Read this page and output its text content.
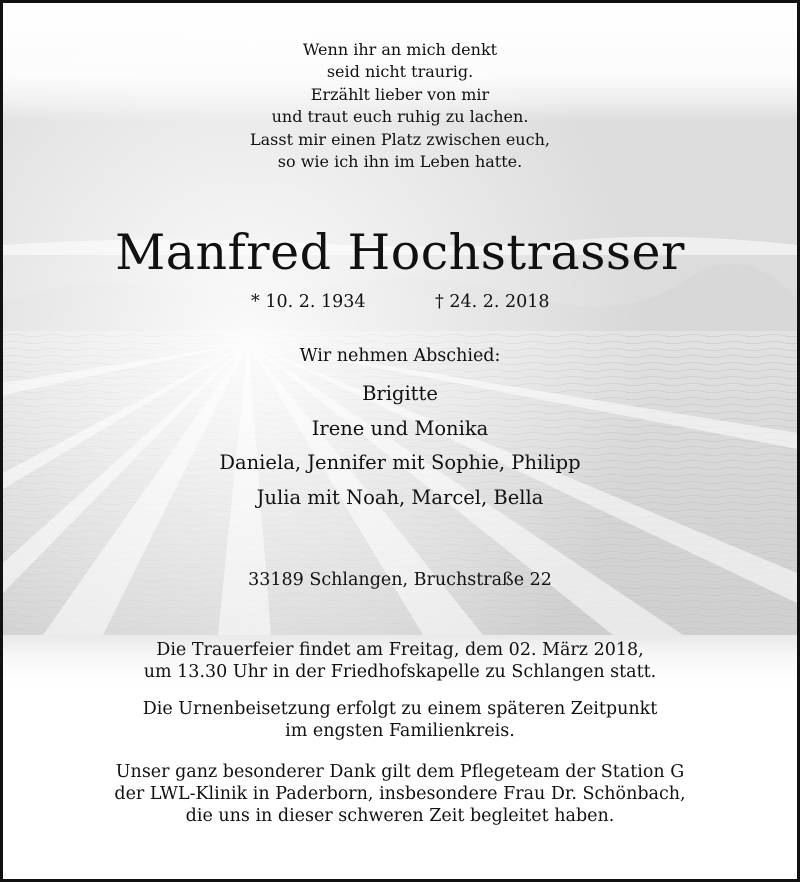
Wenn ihr an mich denkt
seid nicht traurig.
Erzählt lieber von mir
und traut euch ruhig zu lachen.
Lasst mir einen Platz zwischen euch,
so wie ich ihn im Leben hatte.
Manfred Hochstrasser
* 10. 2. 1934	† 24. 2. 2018
Wir nehmen Abschied:
Brigitte
Irene und Monika
Daniela, Jennifer mit Sophie, Philipp
Julia mit Noah, Marcel, Bella
33189 Schlangen, Bruchstraße 22
Die Trauerfeier findet am Freitag, dem 02. März 2018,
um 13.30 Uhr in der Friedhofskapelle zu Schlangen statt.
Die Urnenbeisetzung erfolgt zu einem späteren Zeitpunkt
im engsten Familienkreis.
Unser ganz besonderer Dank gilt dem Pflegeteam der Station G
der LWL-Klinik in Paderborn, insbesondere Frau Dr. Schönbach,
die uns in dieser schweren Zeit begleitet haben.
